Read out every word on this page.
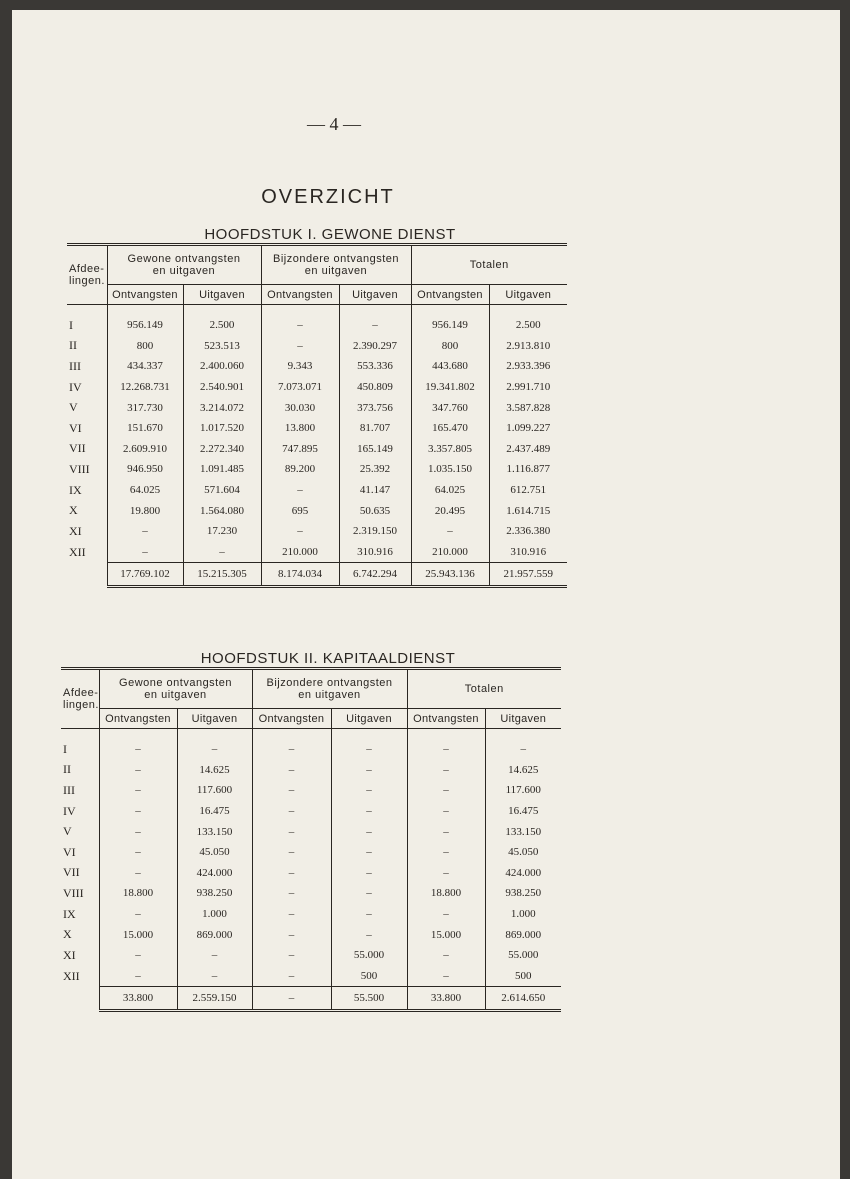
— 4 —
OVERZICHT
HOOFDSTUK I. GEWONE DIENST
HOOFDSTUK II. KAPITAALDIENST
Afdee-
lingen.	Gewone ontvangsten
en uitgaven		Bijzondere ontvangsten
en uitgaven		Totalen	
	Ontvangsten	Uitgaven	Ontvangsten	Uitgaven	Ontvangsten	Uitgaven

I	956.149	2.500	–	–	956.149	2.500
II	800	523.513	–	2.390.297	800	2.913.810
III	434.337	2.400.060	9.343	553.336	443.680	2.933.396
IV	12.268.731	2.540.901	7.073.071	450.809	19.341.802	2.991.710
V	317.730	3.214.072	30.030	373.756	347.760	3.587.828
VI	151.670	1.017.520	13.800	81.707	165.470	1.099.227
VII	2.609.910	2.272.340	747.895	165.149	3.357.805	2.437.489
VIII	946.950	1.091.485	89.200	25.392	1.035.150	1.116.877
IX	64.025	571.604	–	41.147	64.025	612.751
X	19.800	1.564.080	695	50.635	20.495	1.614.715
XI	–	17.230	–	2.319.150	–	2.336.380
XII	–	–	210.000	310.916	210.000	310.916
	17.769.102	15.215.305	8.174.034	6.742.294	25.943.136	21.957.559
Afdee-
lingen.	Gewone ontvangsten
en uitgaven		Bijzondere ontvangsten
en uitgaven		Totalen	
	Ontvangsten	Uitgaven	Ontvangsten	Uitgaven	Ontvangsten	Uitgaven

I	–	–	–	–	–	–
II	–	14.625	–	–	–	14.625
III	–	117.600	–	–	–	117.600
IV	–	16.475	–	–	–	16.475
V	–	133.150	–	–	–	133.150
VI	–	45.050	–	–	–	45.050
VII	–	424.000	–	–	–	424.000
VIII	18.800	938.250	–	–	18.800	938.250
IX	–	1.000	–	–	–	1.000
X	15.000	869.000	–	–	15.000	869.000
XI	–	–	–	55.000	–	55.000
XII	–	–	–	500	–	500
	33.800	2.559.150	–	55.500	33.800	2.614.650
